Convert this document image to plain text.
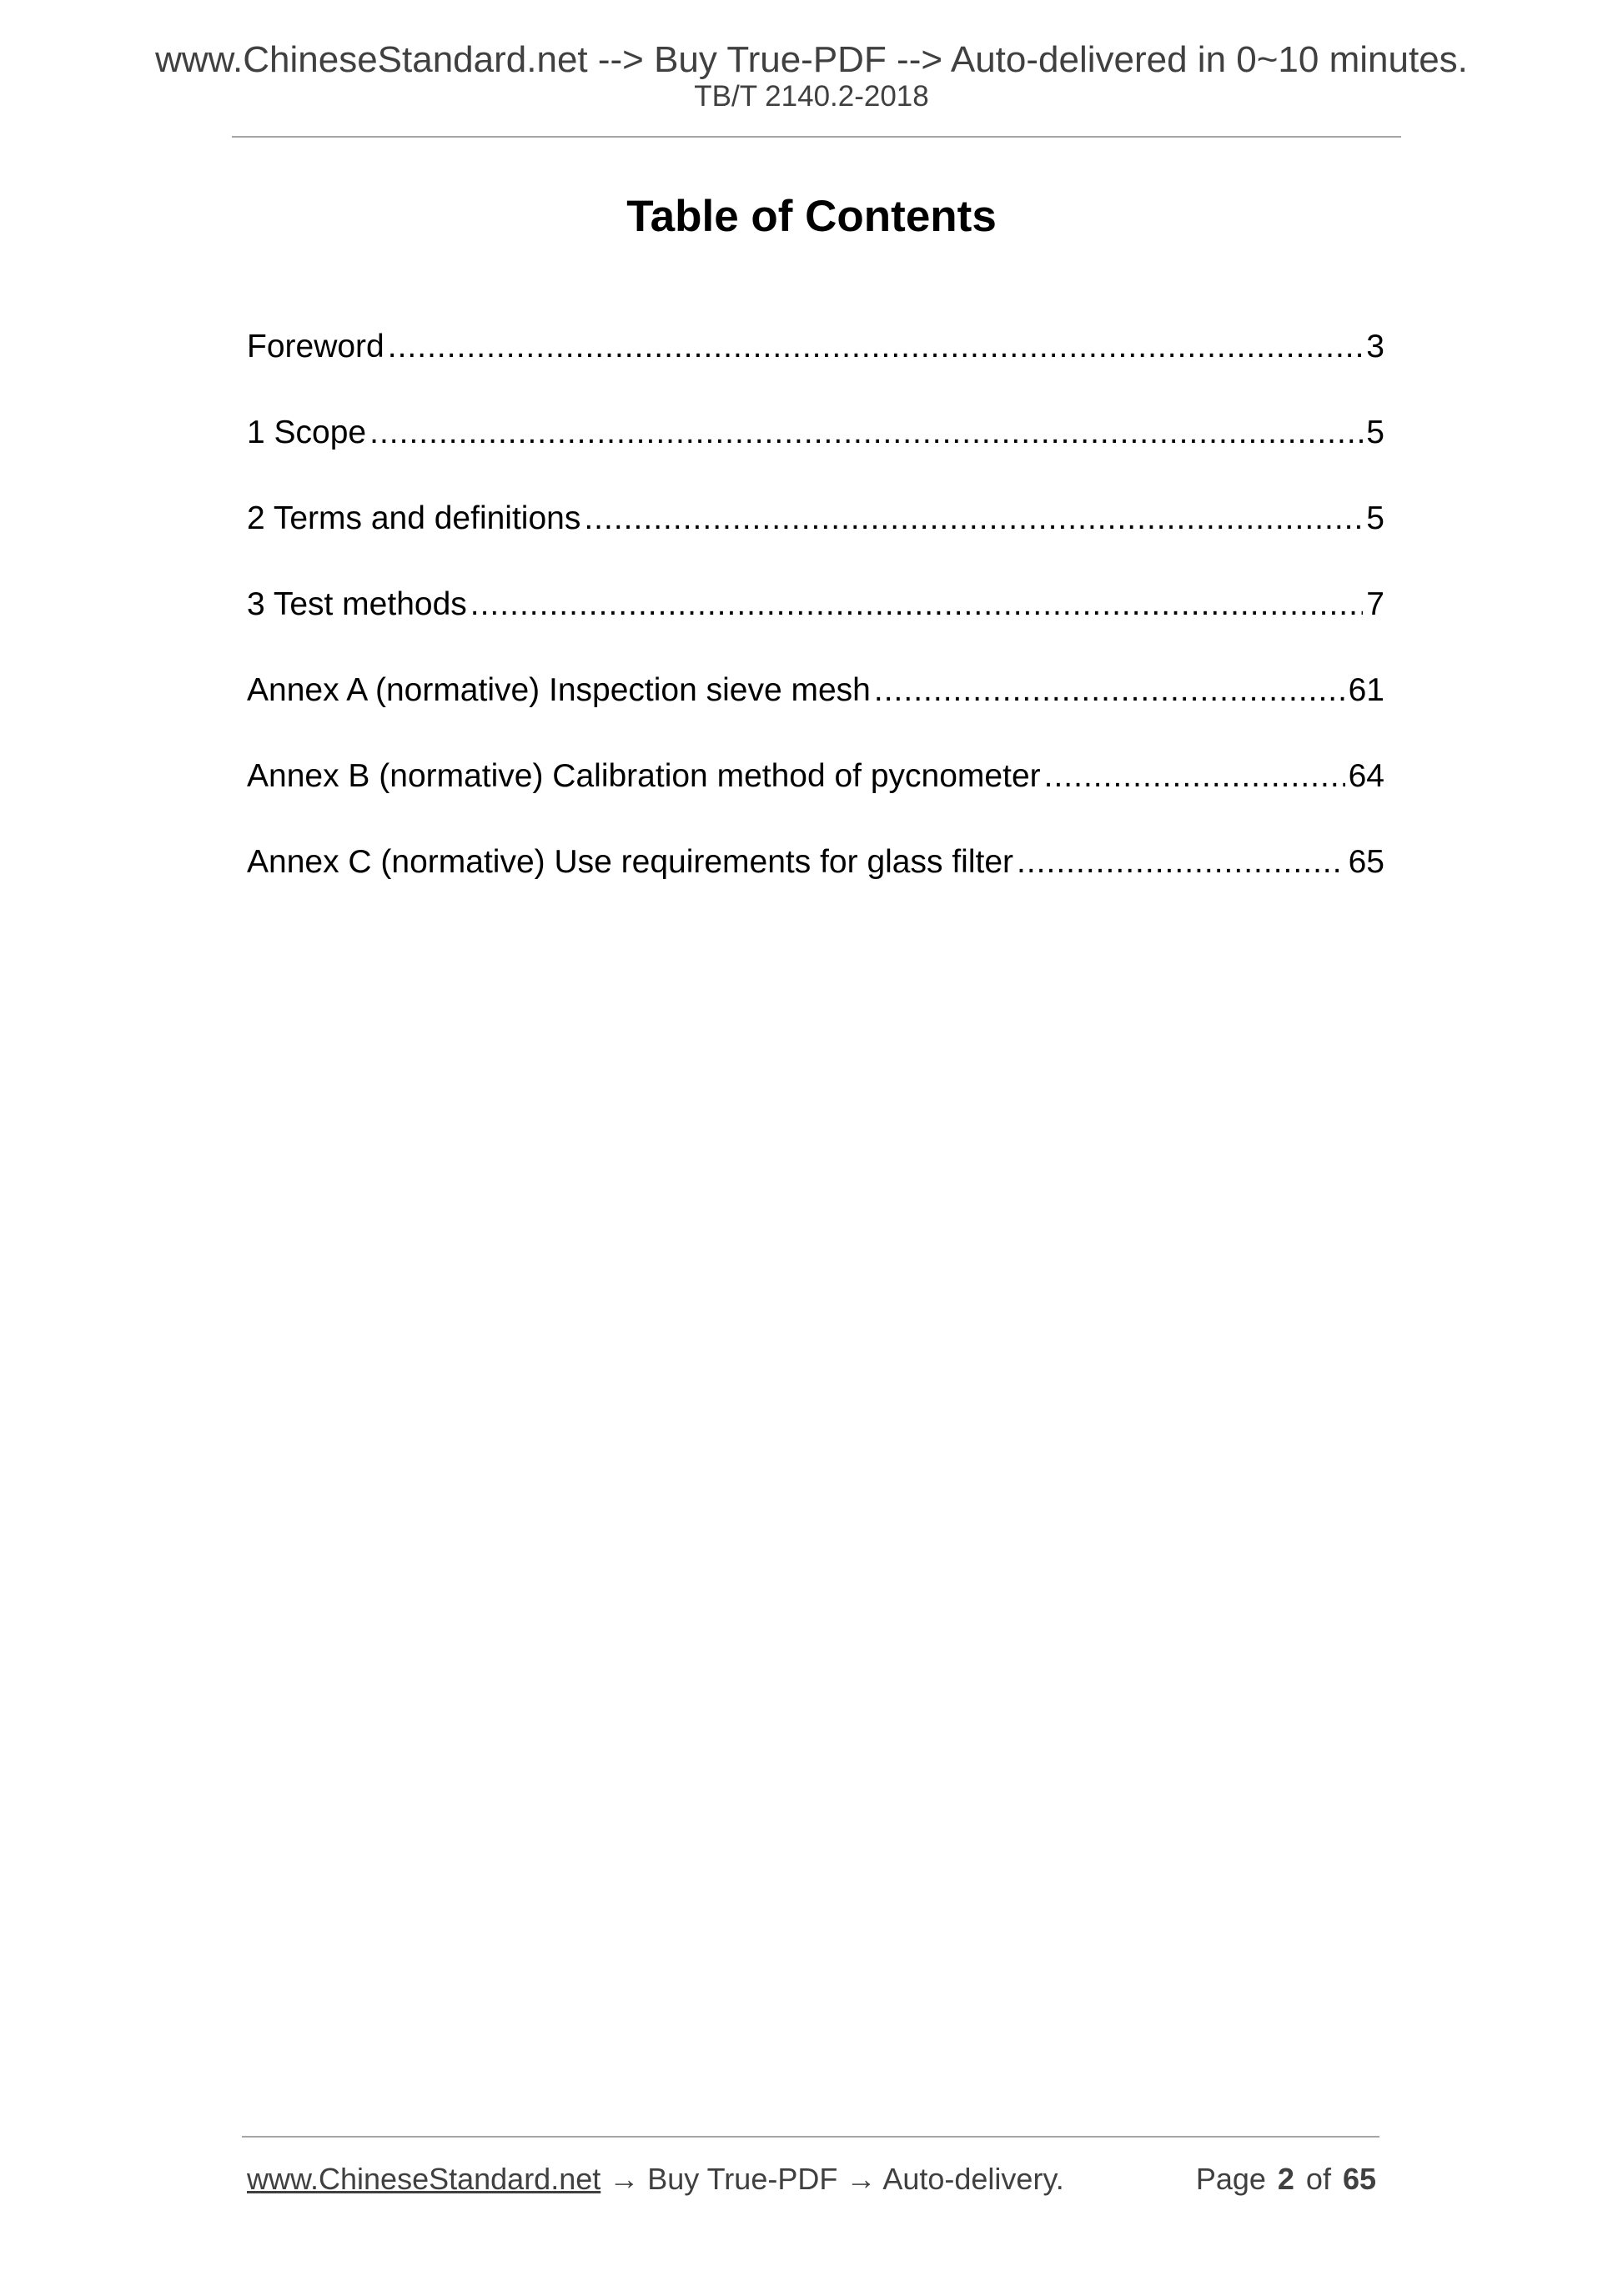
www.ChineseStandard.net --> Buy True-PDF --> Auto-delivered in 0~10 minutes.
TB/T 2140.2-2018
Table of Contents
Foreword .....	3
1 Scope .....	5
2 Terms and definitions .....	5
3 Test methods .....	7
Annex A (normative) Inspection sieve mesh .....	61
Annex B (normative) Calibration method of pycnometer .....	64
Annex C (normative) Use requirements for glass filter .....	65
www.ChineseStandard.net → Buy True-PDF → Auto-delivery.	Page 2 of 65
